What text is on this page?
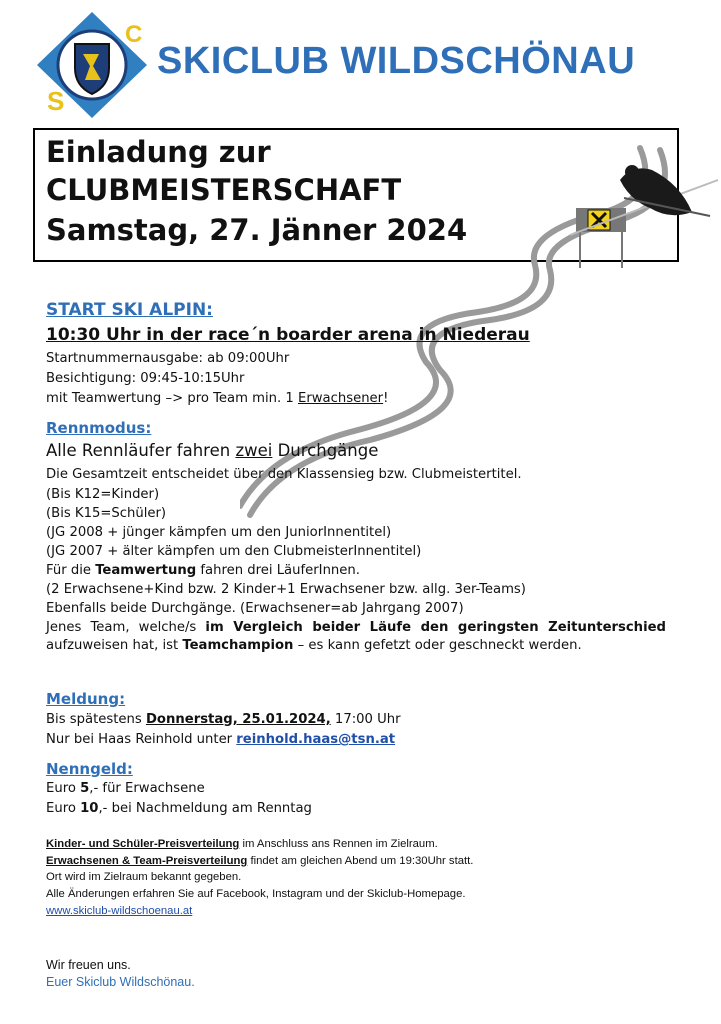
S
C
SKICLUB WILDSCHÖNAU
Einladung zur
CLUBMEISTERSCHAFT
Samstag, 27. Jänner 2024
START SKI ALPIN:
10:30 Uhr in der race´n boarder arena in Niederau
Startnummernausgabe: ab 09:00Uhr
Besichtigung: 09:45-10:15Uhr
mit Teamwertung –> pro Team min. 1 Erwachsener!
Rennmodus:
Alle Rennläufer fahren zwei Durchgänge
Die Gesamtzeit entscheidet über den Klassensieg bzw. Clubmeistertitel.
(Bis K12=Kinder)
(Bis K15=Schüler)
(JG 2008 + jünger kämpfen um den JuniorInnentitel)
(JG 2007 + älter kämpfen um den ClubmeisterInnentitel)
Für die Teamwertung fahren drei LäuferInnen.
(2 Erwachsene+Kind bzw. 2 Kinder+1 Erwachsener bzw. allg. 3er-Teams)
Ebenfalls beide Durchgänge. (Erwachsener=ab Jahrgang 2007)
Jenes Team, welche/s im Vergleich beider Läufe den geringsten Zeitunterschied aufzuweisen hat, ist Teamchampion – es kann gefetzt oder geschneckt werden.
Meldung:
Bis spätestens Donnerstag, 25.01.2024, 17:00 Uhr
Nur bei Haas Reinhold unter reinhold.haas@tsn.at
Nenngeld:
Euro 5,- für Erwachsene
Euro 10,- bei Nachmeldung am Renntag
Kinder- und Schüler-Preisverteilung im Anschluss ans Rennen im Zielraum.
Erwachsenen & Team-Preisverteilung findet am gleichen Abend um 19:30Uhr statt.
Ort wird im Zielraum bekannt gegeben.
Alle Änderungen erfahren Sie auf Facebook, Instagram und der Skiclub-Homepage.
www.skiclub-wildschoenau.at
Wir freuen uns.
Euer Skiclub Wildschönau.
